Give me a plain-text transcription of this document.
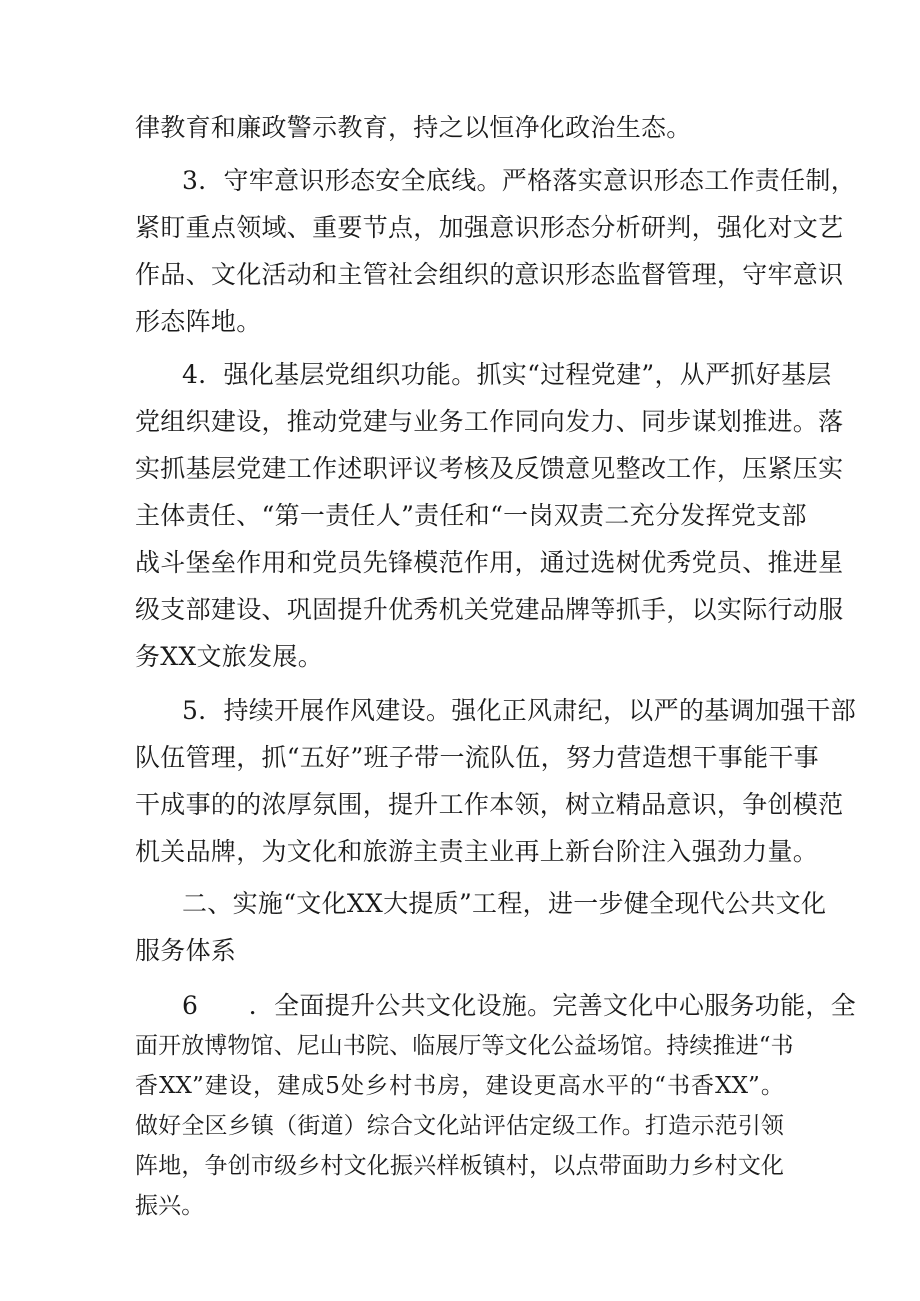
律教育和廉政警示教育，持之以恒净化政治生态。

3．守牢意识形态安全底线。严格落实意识形态工作责任制，

紧盯重点领域、重要节点，加强意识形态分析研判，强化对文艺

作品、文化活动和主管社会组织的意识形态监督管理，守牢意识

形态阵地。

4．强化基层党组织功能。抓实“过程党建”，从严抓好基层

党组织建设，推动党建与业务工作同向发力、同步谋划推进。落

实抓基层党建工作述职评议考核及反馈意见整改工作，压紧压实

主体责任、“第一责任人”责任和“一岗双责二充分发挥党支部

战斗堡垒作用和党员先锋模范作用，通过选树优秀党员、推进星

级支部建设、巩固提升优秀机关党建品牌等抓手，以实际行动服

务XX文旅发展。

5．持续开展作风建设。强化正风肃纪，以严的基调加强干部

队伍管理，抓“五好”班子带一流队伍，努力营造想干事能干事

干成事的的浓厚氛围，提升工作本领，树立精品意识，争创模范

机关品牌，为文化和旅游主责主业再上新台阶注入强劲力量。

二、实施“文化XX大提质”工程，进一步健全现代公共文化

服务体系

6　　．全面提升公共文化设施。完善文化中心服务功能，全

面开放博物馆、尼山书院、临展厅等文化公益场馆。持续推进“书

香XX”建设，建成5处乡村书房，建设更高水平的“书香XX”。

做好全区乡镇（街道）综合文化站评估定级工作。打造示范引领

阵地，争创市级乡村文化振兴样板镇村，以点带面助力乡村文化

振兴。
